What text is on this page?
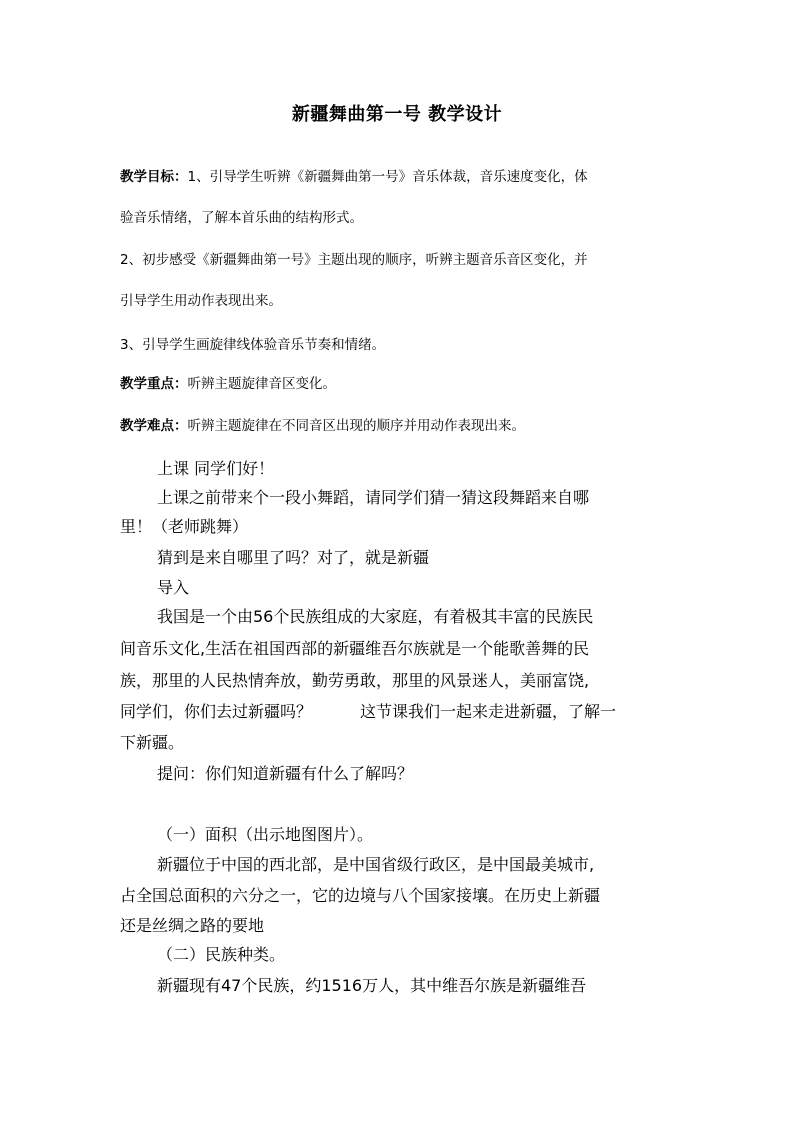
新疆舞曲第一号 教学设计
教学目标：1、引导学生听辨《新疆舞曲第一号》音乐体裁，音乐速度变化，体
验音乐情绪，了解本首乐曲的结构形式。
2、初步感受《新疆舞曲第一号》主题出现的顺序，听辨主题音乐音区变化，并
引导学生用动作表现出来。
3、引导学生画旋律线体验音乐节奏和情绪。
教学重点：听辨主题旋律音区变化。
教学难点：听辨主题旋律在不同音区出现的顺序并用动作表现出来。
上课 同学们好！
上课之前带来个一段小舞蹈，请同学们猜一猜这段舞蹈来自哪
里！（老师跳舞）
猜到是来自哪里了吗？对了，就是新疆
导入
我国是一个由56个民族组成的大家庭，有着极其丰富的民族民
间音乐文化,生活在祖国西部的新疆维吾尔族就是一个能歌善舞的民
族，那里的人民热情奔放，勤劳勇敢，那里的风景迷人，美丽富饶,
同学们，你们去过新疆吗？	这节课我们一起来走进新疆，了解一
下新疆。
提问：你们知道新疆有什么了解吗？
（一）面积（出示地图图片）。
新疆位于中国的西北部，是中国省级行政区，是中国最美城市,
占全国总面积的六分之一，它的边境与八个国家接壤。在历史上新疆
还是丝绸之路的要地
（二）民族种类。
新疆现有47个民族，约1516万人，其中维吾尔族是新疆维吾
